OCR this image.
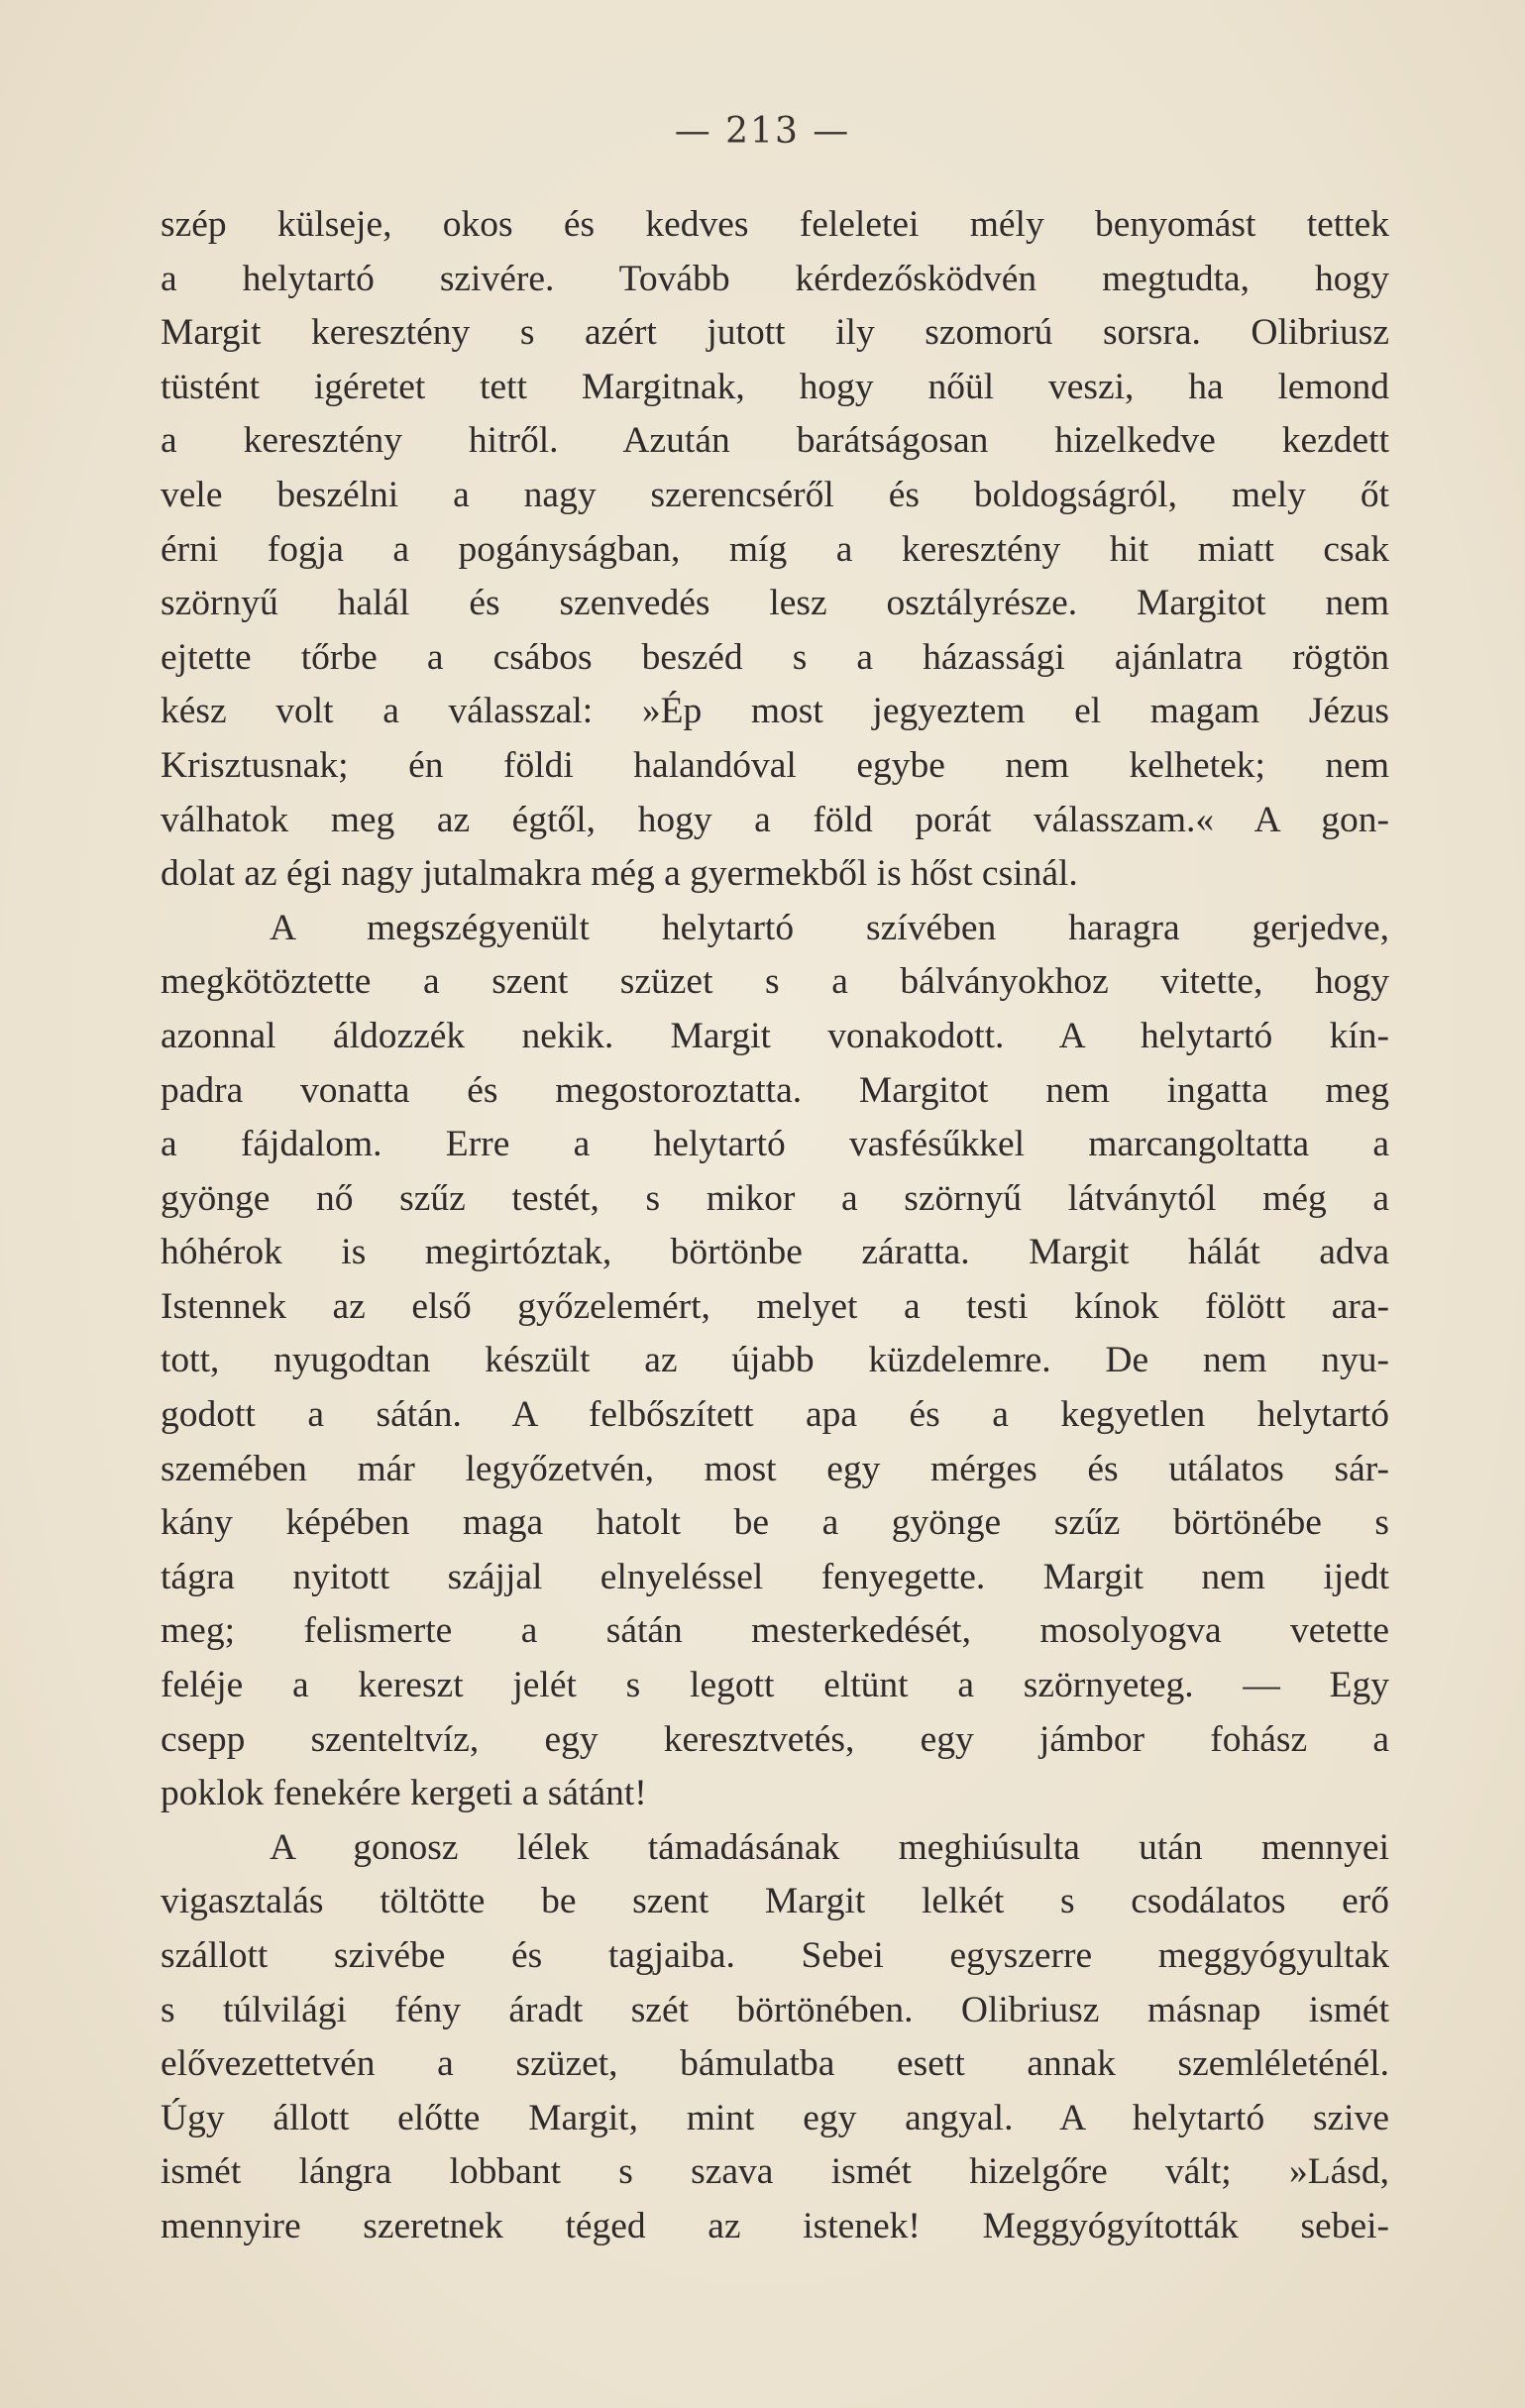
— 213 —
szép külseje, okos és kedves feleletei mély benyomást tettek
a helytartó szivére. Tovább kérdezősködvén megtudta, hogy
Margit keresztény s azért jutott ily szomorú sorsra. Olibriusz
tüstént igéretet tett Margitnak, hogy nőül veszi, ha lemond
a keresztény hitről. Azután barátságosan hizelkedve kezdett
vele beszélni a nagy szerencséről és boldogságról, mely őt
érni fogja a pogányságban, míg a keresztény hit miatt csak
szörnyű halál és szenvedés lesz osztályrésze. Margitot nem
ejtette tőrbe a csábos beszéd s a házassági ajánlatra rögtön
kész volt a válasszal: »Ép most jegyeztem el magam Jézus
Krisztusnak; én földi halandóval egybe nem kelhetek; nem
válhatok meg az égtől, hogy a föld porát válasszam.« A gon-
dolat az égi nagy jutalmakra még a gyermekből is hőst csinál.
A megszégyenült helytartó szívében haragra gerjedve,
megkötöztette a szent szüzet s a bálványokhoz vitette, hogy
azonnal áldozzék nekik. Margit vonakodott. A helytartó kín-
padra vonatta és megostoroztatta. Margitot nem ingatta meg
a fájdalom. Erre a helytartó vasfésűkkel marcangoltatta a
gyönge nő szűz testét, s mikor a szörnyű látványtól még a
hóhérok is megirtóztak, börtönbe záratta. Margit hálát adva
Istennek az első győzelemért, melyet a testi kínok fölött ara-
tott, nyugodtan készült az újabb küzdelemre. De nem nyu-
godott a sátán. A felbőszített apa és a kegyetlen helytartó
szemében már legyőzetvén, most egy mérges és utálatos sár-
kány képében maga hatolt be a gyönge szűz börtönébe s
tágra nyitott szájjal elnyeléssel fenyegette. Margit nem ijedt
meg; felismerte a sátán mesterkedését, mosolyogva vetette
feléje a kereszt jelét s legott eltünt a szörnyeteg. — Egy
csepp szenteltvíz, egy keresztvetés, egy jámbor fohász a
poklok fenekére kergeti a sátánt!
A gonosz lélek támadásának meghiúsulta után mennyei
vigasztalás töltötte be szent Margit lelkét s csodálatos erő
szállott szivébe és tagjaiba. Sebei egyszerre meggyógyultak
s túlvilági fény áradt szét börtönében. Olibriusz másnap ismét
elővezettetvén a szüzet, bámulatba esett annak szemléleténél.
Úgy állott előtte Margit, mint egy angyal. A helytartó szive
ismét lángra lobbant s szava ismét hizelgőre vált; »Lásd,
mennyire szeretnek téged az istenek! Meggyógyították sebei-
